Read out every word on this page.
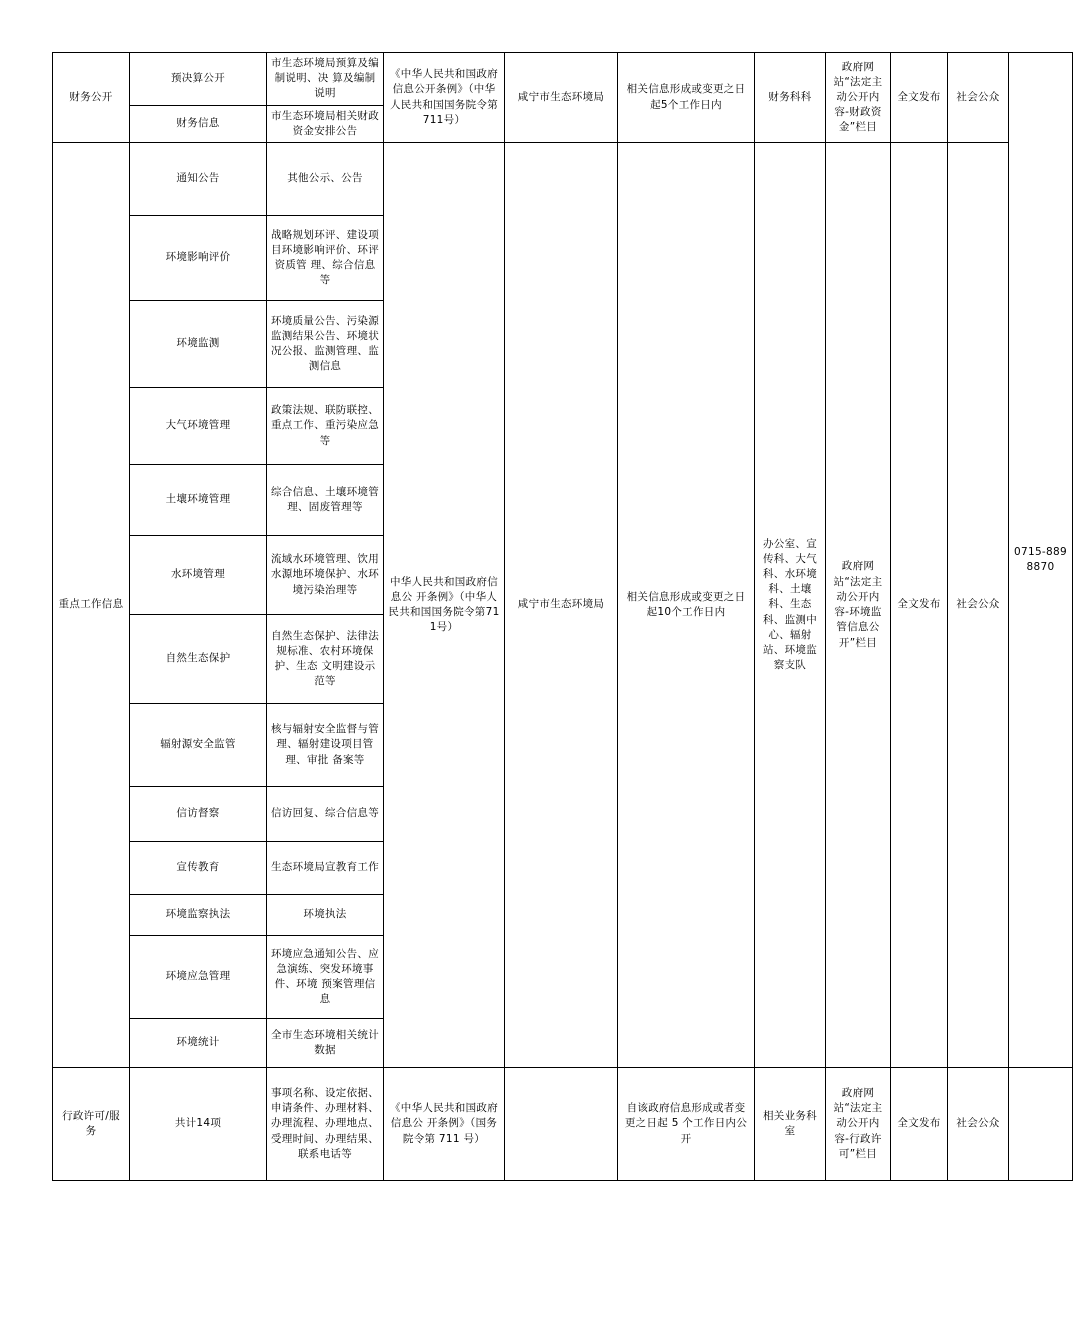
财务公开	预决算公开	市生态环境局预算及编制说明、决 算及编制说明	《中华人民共和国政府信息公开条例》（中华人民共和国国务院令第711号）	咸宁市生态环境局	相关信息形成或变更之日起5个工作日内	财务科科	政府网站“法定主动公开内容-财政资金”栏目	全文发布	社会公众	0715-8898870
	财务信息	市生态环境局相关财政资金安排公告								
重点工作信息	通知公告	其他公示、公告	中华人民共和国政府信息公 开条例》（中华人民共和国国务院令第711号）	咸宁市生态环境局	相关信息形成或变更之日起10个工作日内	办公室、宣传科、大气科、水环境科、土壤科、生态科、监测中心、辐射站、环境监察支队	政府网站“法定主动公开内容-环境监管信息公开”栏目	全文发布	社会公众	
	环境影响评价	战略规划环评、建设项目环境影响评价、环评资质管 理、综合信息等								
	环境监测	环境质量公告、污染源监测结果公告、环境状况公报、监测管理、监测信息								
	大气环境管理	政策法规、联防联控、重点工作、重污染应急等								
	土壤环境管理	综合信息、土壤环境管理、固废管理等								
	水环境管理	流域水环境管理、饮用水源地环境保护、水环境污染治理等								
	自然生态保护	自然生态保护、法律法规标准、农村环境保护、生态 文明建设示范等								
	辐射源安全监管	核与辐射安全监督与管理、辐射建设项目管理、审批 备案等								
	信访督察	信访回复、综合信息等								
	宣传教育	生态环境局宣教育工作								
	环境监察执法	环境执法								
	环境应急管理	环境应急通知公告、应急演练、突发环境事件、环境 预案管理信息								
	环境统计	全市生态环境相关统计数据								
行政许可/服务	共计14项	事项名称、设定依据、申请条件、办理材料、办理流程、办理地点、受理时间、办理结果、联系电话等	《中华人民共和国政府信息公 开条例》（国务院令第 711 号）		自该政府信息形成或者变更之日起 5 个工作日内公开	相关业务科室	政府网站“法定主动公开内容-行政许可”栏目	全文发布	社会公众	
